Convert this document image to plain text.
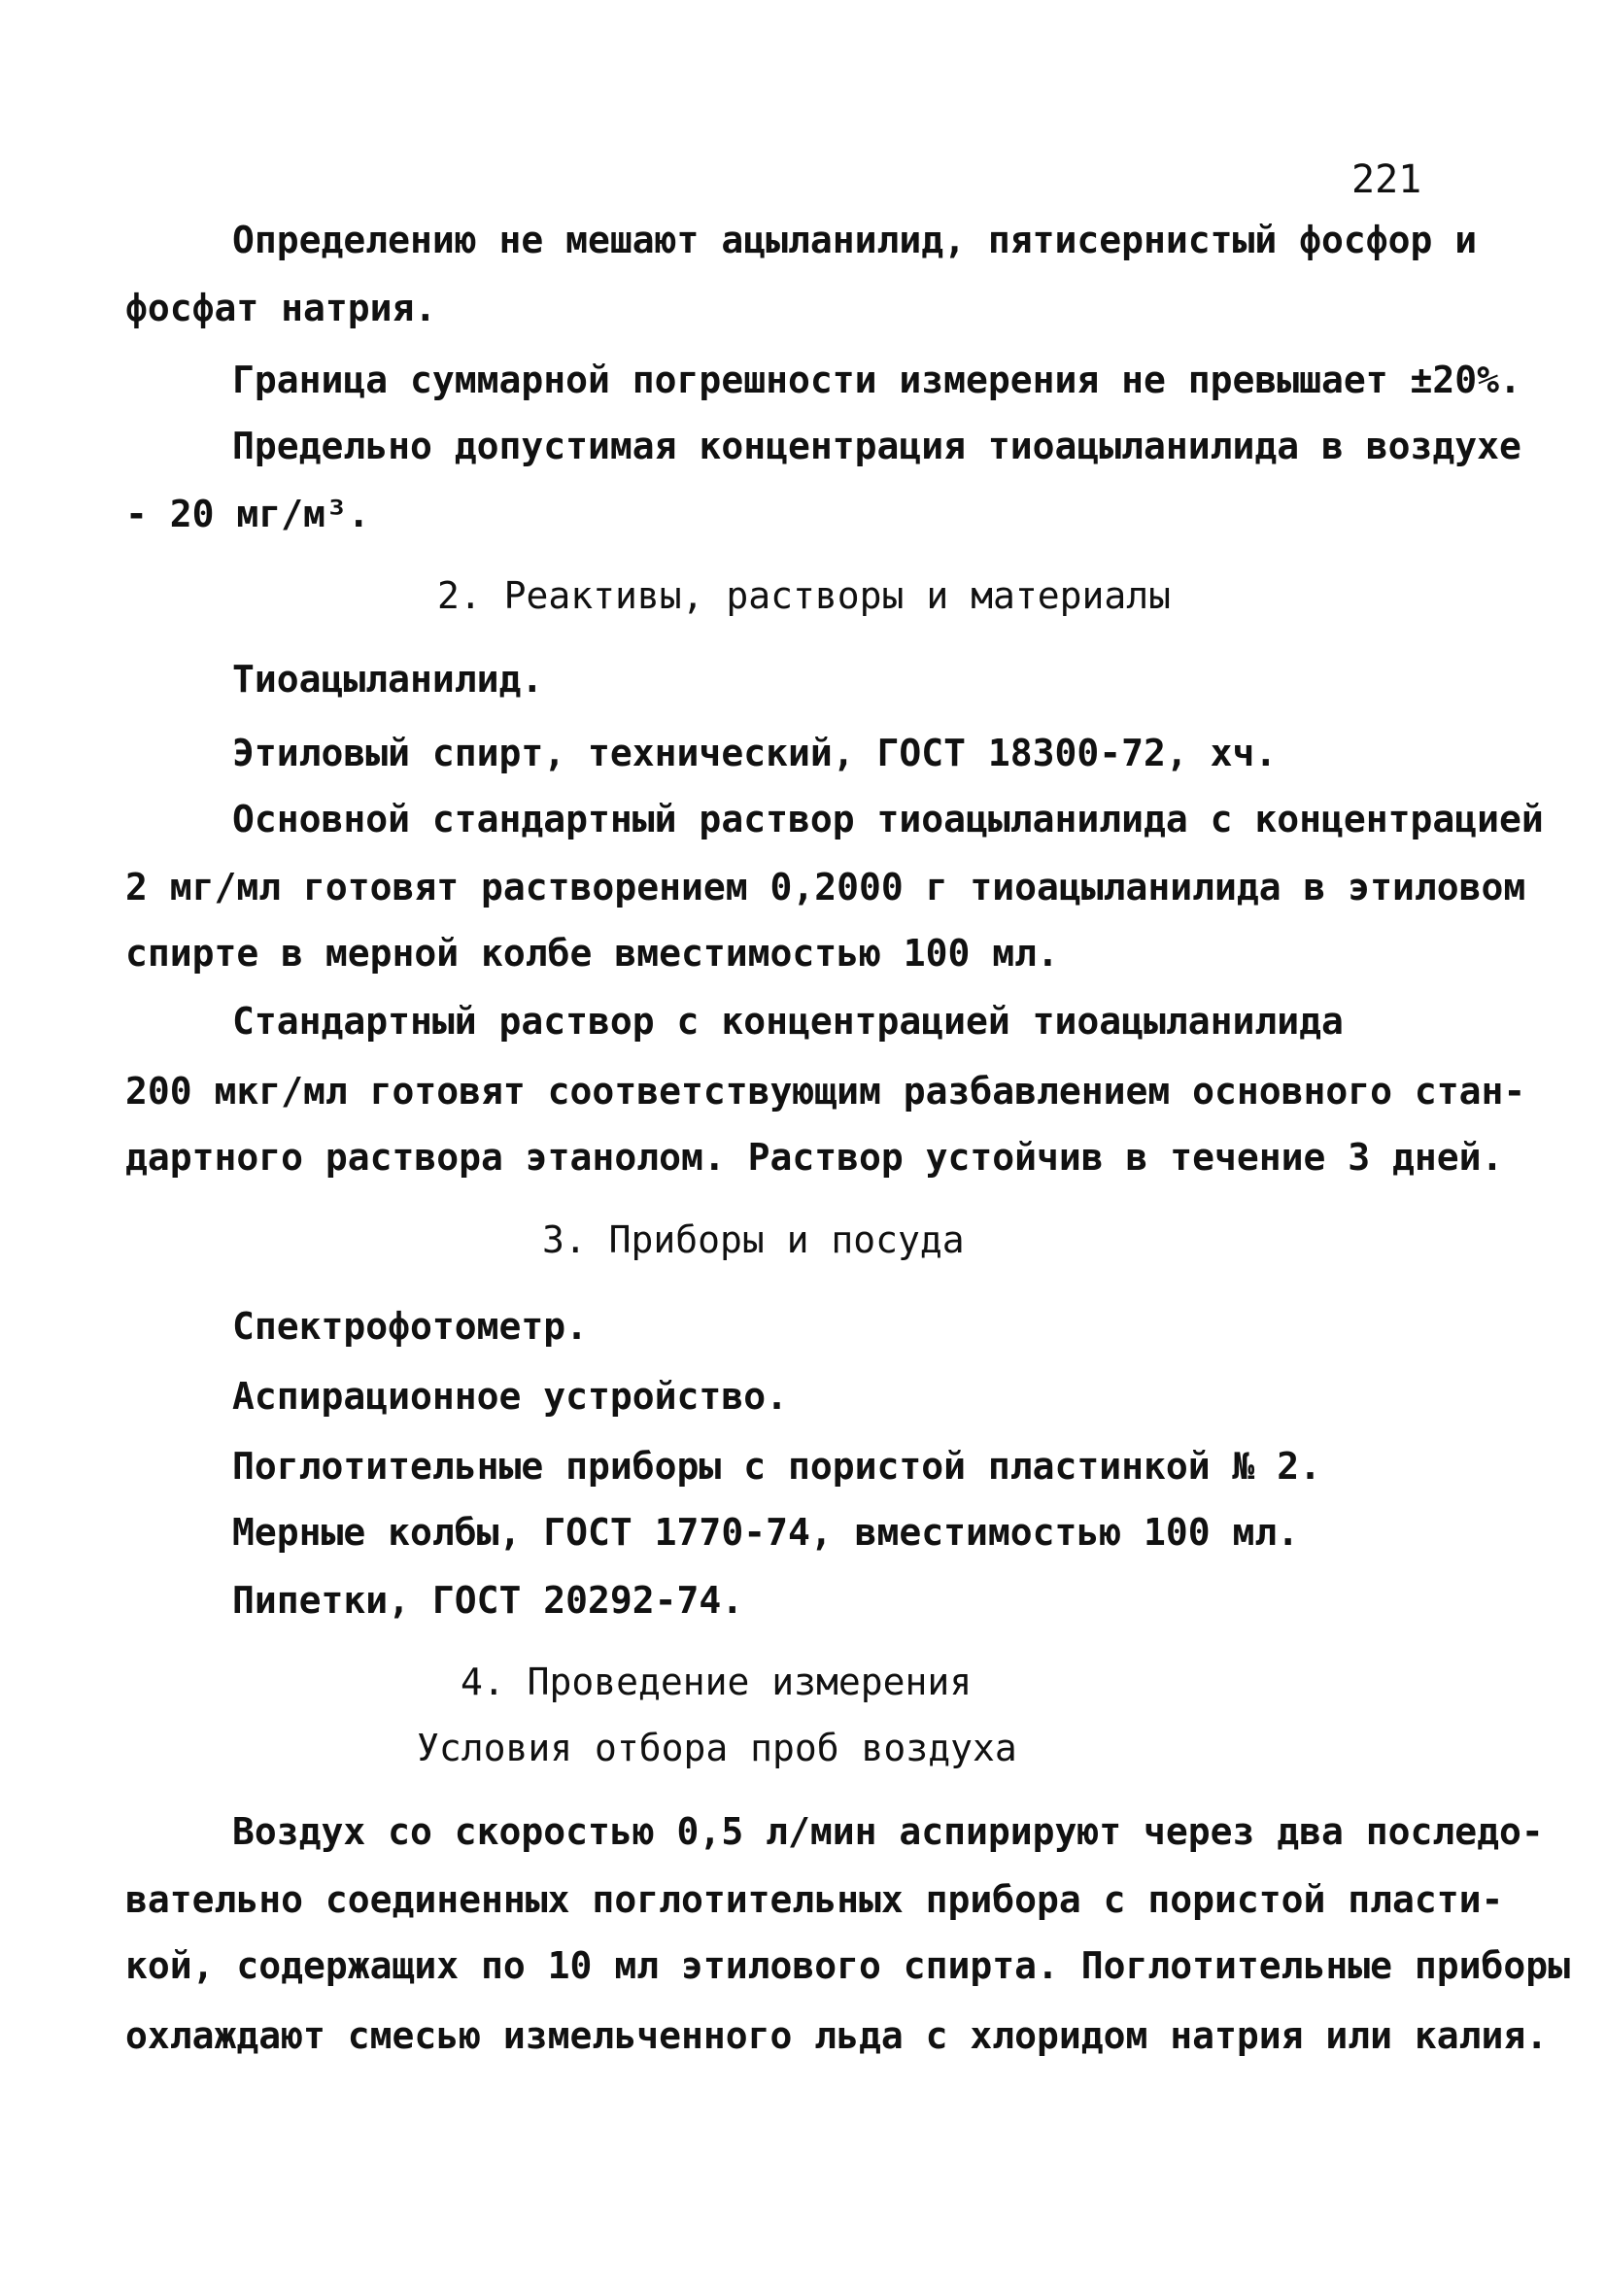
221
Определению не мешают ацыланилид, пятисернистый фосфор и
фосфат натрия.
Граница суммарной погрешности измерения не превышает ±20%.
Предельно допустимая концентрация тиоацыланилида в воздухе
- 20 мг/м³.
2. Реактивы, растворы и материалы
Тиоацыланилид.
Этиловый спирт, технический, ГОСТ 18300-72, хч.
Основной стандартный раствор тиоацыланилида с концентрацией
2 мг/мл готовят растворением 0,2000 г тиоацыланилида в этиловом
спирте в мерной колбе вместимостью 100 мл.
Стандартный раствор с концентрацией тиоацыланилида
200 мкг/мл готовят соответствующим разбавлением основного стан-
дартного раствора этанолом. Раствор устойчив в течение 3 дней.
3. Приборы и посуда
Спектрофотометр.
Аспирационное устройство.
Поглотительные приборы с пористой пластинкой № 2.
Мерные колбы, ГОСТ 1770-74, вместимостью 100 мл.
Пипетки, ГОСТ 20292-74.
4. Проведение измерения
Условия отбора проб воздуха
Воздух со скоростью 0,5 л/мин аспирируют через два последо-
вательно соединенных поглотительных прибора с пористой пласти-
кой, содержащих по 10 мл этилового спирта. Поглотительные приборы
охлаждают смесью измельченного льда с хлоридом натрия или калия.
